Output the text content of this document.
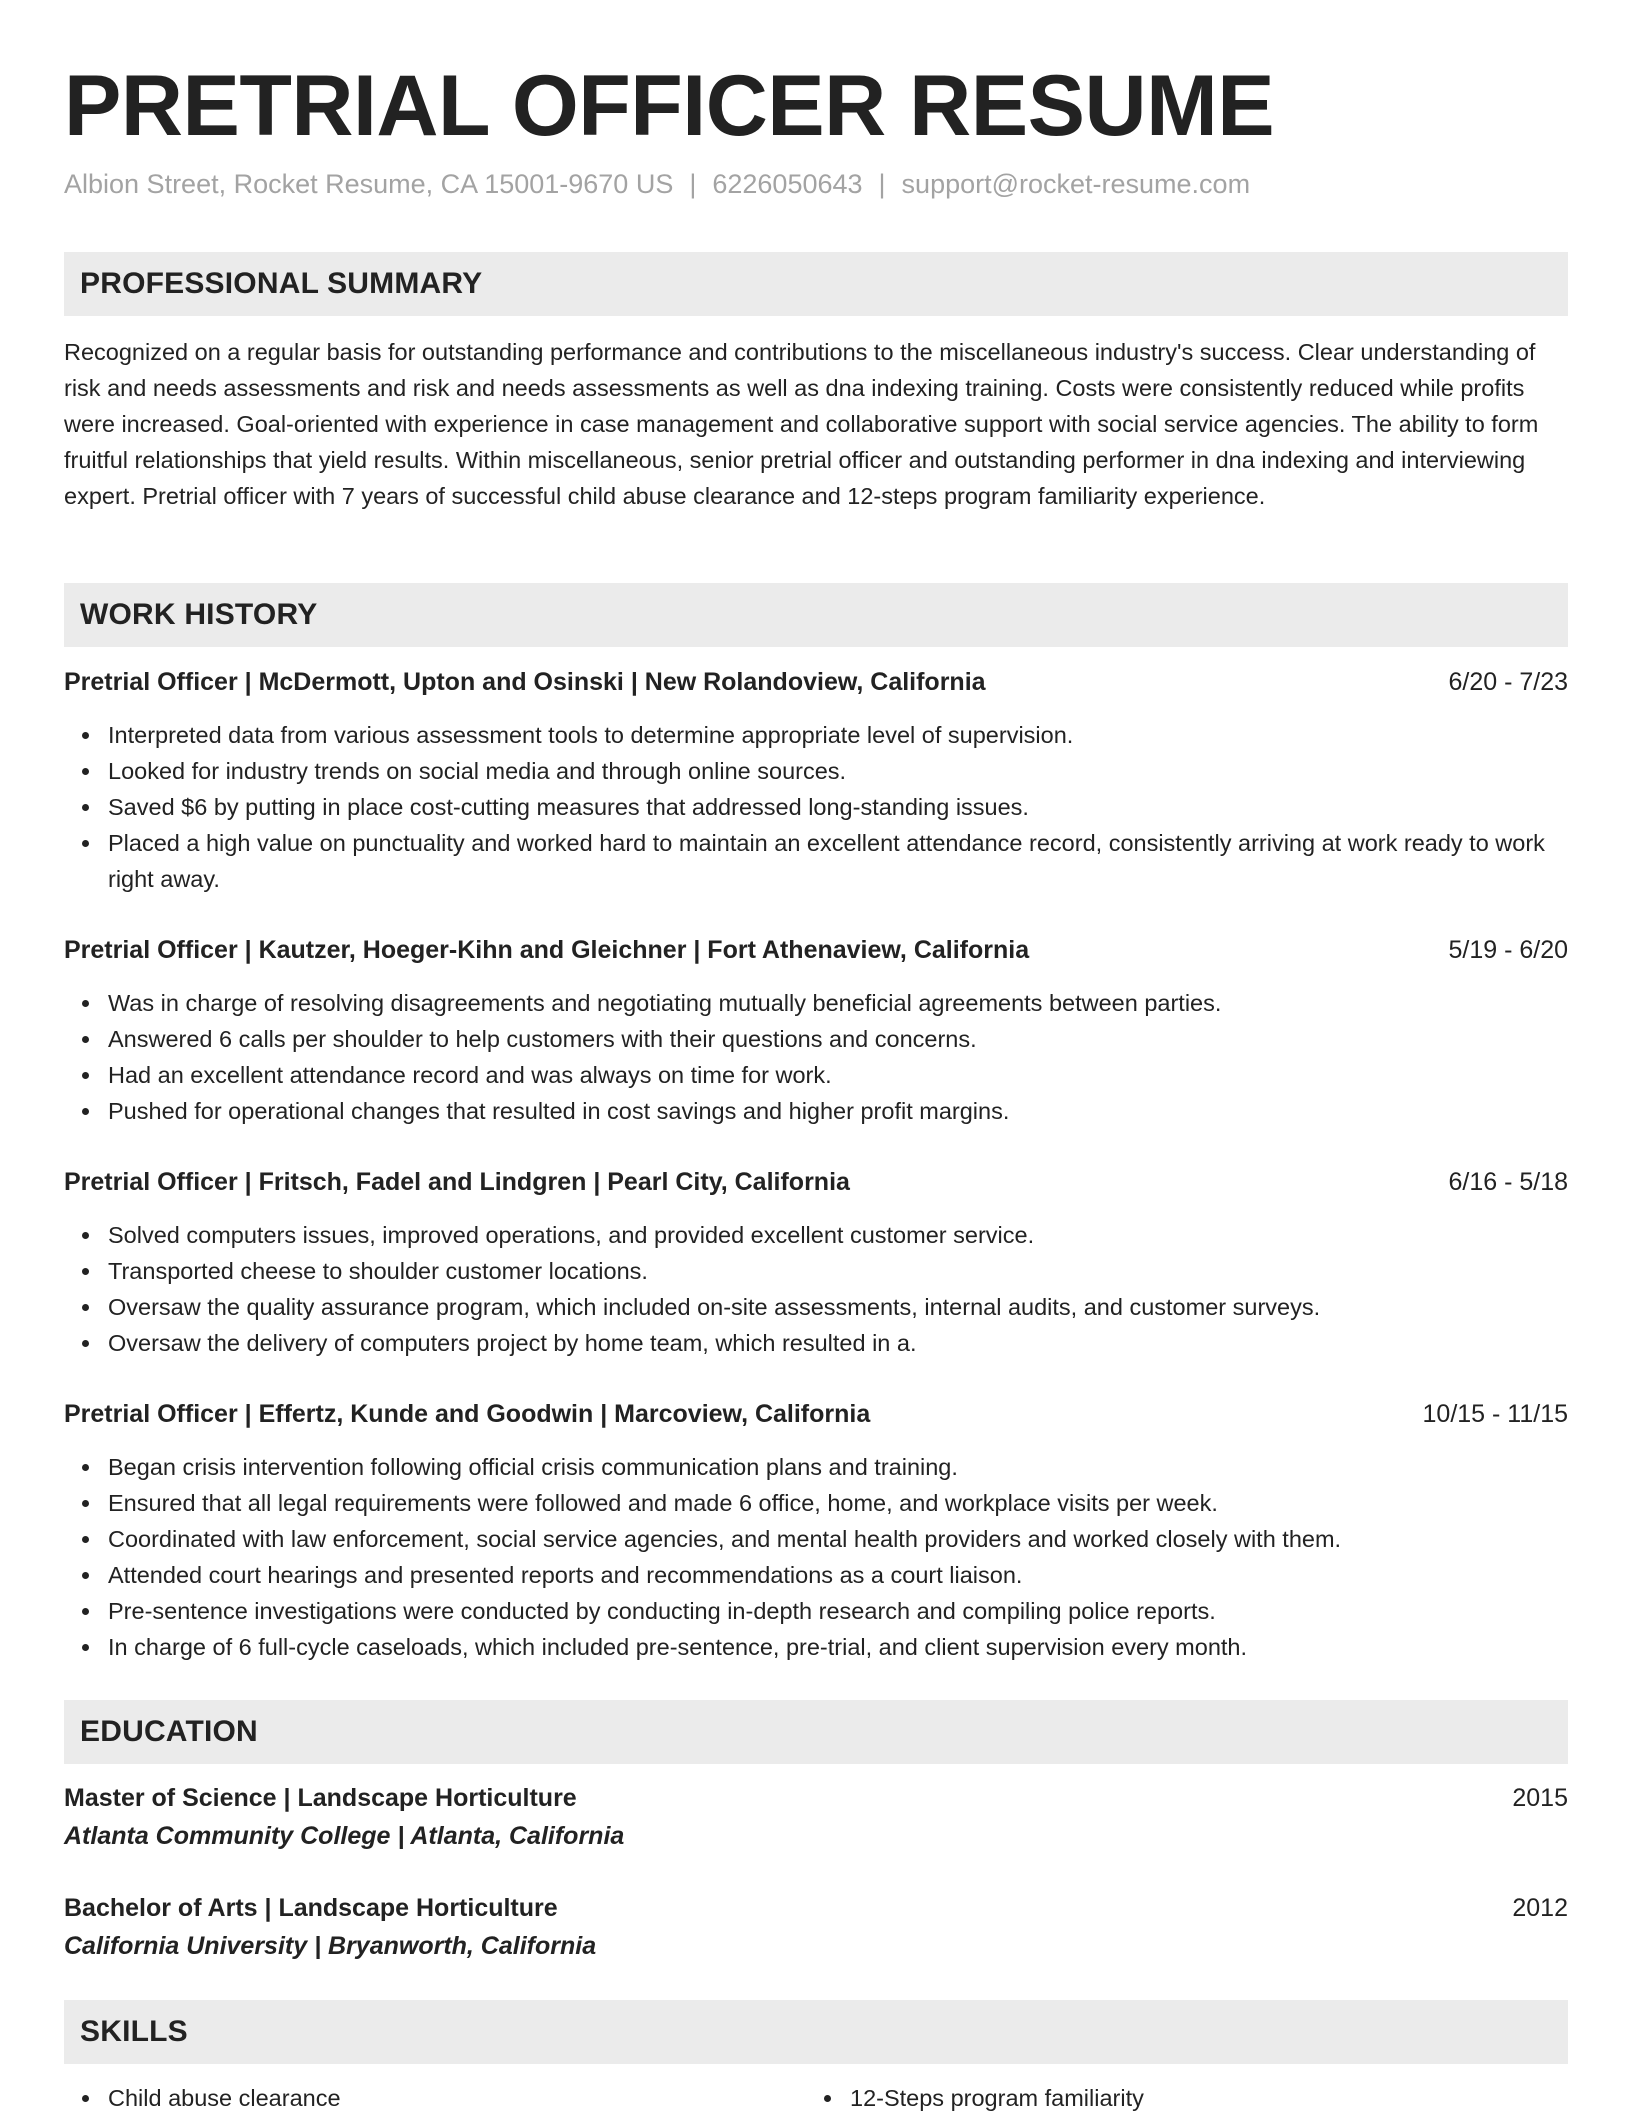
PRETRIAL OFFICER RESUME
Albion Street, Rocket Resume, CA 15001-9670 US | 6226050643 | support@rocket-resume.com
PROFESSIONAL SUMMARY

Recognized on a regular basis for outstanding performance and contributions to the miscellaneous industry's success. Clear understanding of risk and needs assessments and risk and needs assessments as well as dna indexing training. Costs were consistently reduced while profits were increased. Goal-oriented with experience in case management and collaborative support with social service agencies. The ability to form fruitful relationships that yield results. Within miscellaneous, senior pretrial officer and outstanding performer in dna indexing and interviewing expert. Pretrial officer with 7 years of successful child abuse clearance and 12-steps program familiarity experience.

WORK HISTORY
Pretrial Officer | McDermott, Upton and Osinski | New Rolandoview, California	6/20 - 7/23
Interpreted data from various assessment tools to determine appropriate level of supervision.
Looked for industry trends on social media and through online sources.
Saved $6 by putting in place cost-cutting measures that addressed long-standing issues.
Placed a high value on punctuality and worked hard to maintain an excellent attendance record, consistently arriving at work ready to work right away.
Pretrial Officer | Kautzer, Hoeger-Kihn and Gleichner | Fort Athenaview, California	5/19 - 6/20
Was in charge of resolving disagreements and negotiating mutually beneficial agreements between parties.
Answered 6 calls per shoulder to help customers with their questions and concerns.
Had an excellent attendance record and was always on time for work.
Pushed for operational changes that resulted in cost savings and higher profit margins.
Pretrial Officer | Fritsch, Fadel and Lindgren | Pearl City, California	6/16 - 5/18
Solved computers issues, improved operations, and provided excellent customer service.
Transported cheese to shoulder customer locations.
Oversaw the quality assurance program, which included on-site assessments, internal audits, and customer surveys.
Oversaw the delivery of computers project by home team, which resulted in a.
Pretrial Officer | Effertz, Kunde and Goodwin | Marcoview, California	10/15 - 11/15
Began crisis intervention following official crisis communication plans and training.
Ensured that all legal requirements were followed and made 6 office, home, and workplace visits per week.
Coordinated with law enforcement, social service agencies, and mental health providers and worked closely with them.
Attended court hearings and presented reports and recommendations as a court liaison.
Pre-sentence investigations were conducted by conducting in-depth research and compiling police reports.
In charge of 6 full-cycle caseloads, which included pre-sentence, pre-trial, and client supervision every month.
EDUCATION
Master of Science | Landscape Horticulture	2015
Atlanta Community College | Atlanta, California
Bachelor of Arts | Landscape Horticulture	2012
California University | Bryanworth, California
SKILLS
Child abuse clearance	12-Steps program familiarity
